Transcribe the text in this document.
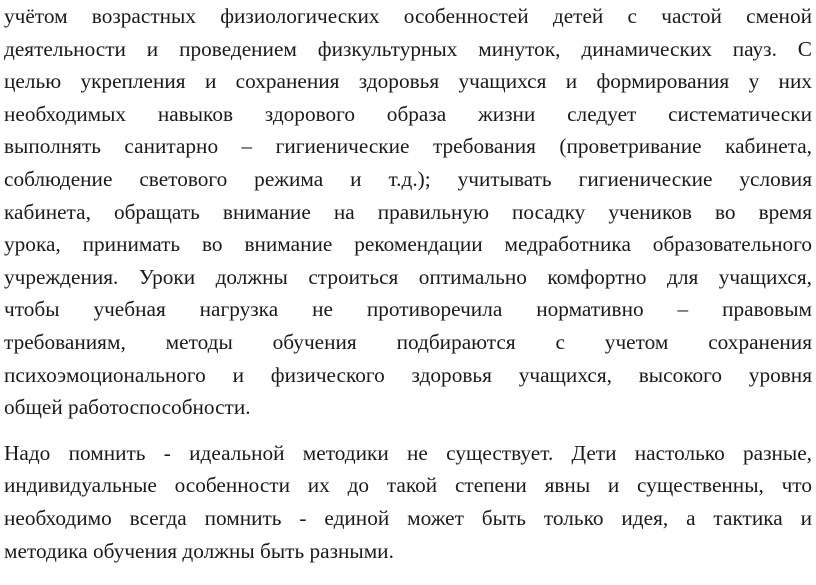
учётом возрастных физиологических особенностей детей с частой сменой
деятельности и проведением физкультурных минуток, динамических пауз. С
целью укрепления и сохранения здоровья учащихся и формирования у них
необходимых навыков здорового образа жизни следует систематически
выполнять санитарно – гигиенические требования (проветривание кабинета,
соблюдение светового режима и т.д.); учитывать гигиенические условия
кабинета, обращать внимание на правильную посадку учеников во время
урока, принимать во внимание рекомендации медработника образовательного
учреждения. Уроки должны строиться оптимально комфортно для учащихся,
чтобы учебная нагрузка не противоречила нормативно – правовым
требованиям, методы обучения подбираются с учетом сохранения
психоэмоционального и физического здоровья учащихся, высокого уровня
общей работоспособности.
Надо помнить - идеальной методики не существует. Дети настолько разные,
индивидуальные особенности их до такой степени явны и существенны, что
необходимо всегда помнить - единой может быть только идея, а тактика и
методика обучения должны быть разными.
